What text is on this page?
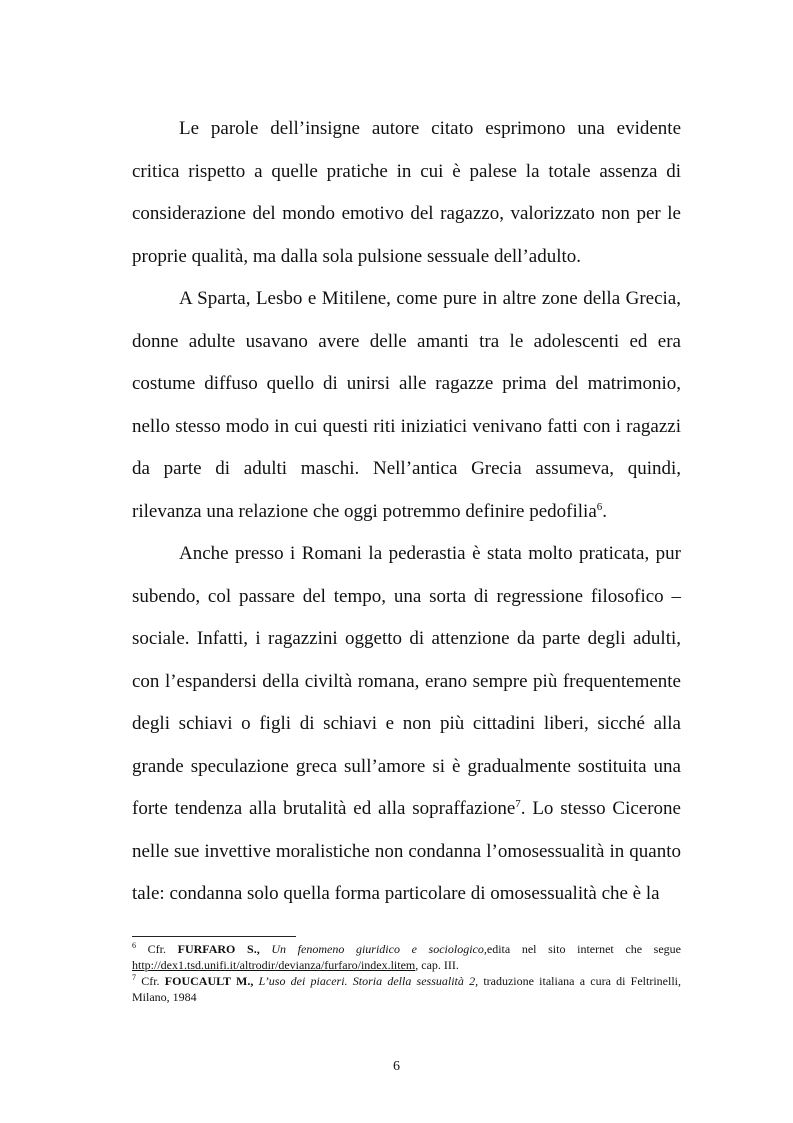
Le parole dell’insigne autore citato esprimono una evidente critica rispetto a quelle pratiche in cui è palese la totale assenza di considerazione del mondo emotivo del ragazzo, valorizzato non per le proprie qualità, ma dalla sola pulsione sessuale dell’adulto.

A Sparta, Lesbo e Mitilene, come pure in altre zone della Grecia, donne adulte usavano avere delle amanti tra le adolescenti ed era costume diffuso quello di unirsi alle ragazze prima del matrimonio, nello stesso modo in cui questi riti iniziatici venivano fatti con i ragazzi da parte di adulti maschi. Nell’antica Grecia assumeva, quindi, rilevanza una relazione che oggi potremmo definire pedofilia$^6$.

Anche presso i Romani la pederastia è stata molto praticata, pur subendo, col passare del tempo, una sorta di regressione filosofico – sociale. Infatti, i ragazzini oggetto di attenzione da parte degli adulti, con l’espandersi della civiltà romana, erano sempre più frequentemente degli schiavi o figli di schiavi e non più cittadini liberi, sicché alla grande speculazione greca sull’amore si è gradualmente sostituita una forte tendenza alla brutalità ed alla sopraffazione$^7$. Lo stesso Cicerone nelle sue invettive moralistiche non condanna l’omosessualità in quanto tale: condanna solo quella forma particolare di omosessualità che è la

$^6$ Cfr. FURFARO S., Un fenomeno giuridico e sociologico,edita nel sito internet che segue http://dex1.tsd.unifi.it/altrodir/devianza/furfaro/index.litem, cap. III.

$^7$ Cfr. FOUCAULT M., L’uso dei piaceri. Storia della sessualità 2, traduzione italiana a cura di Feltrinelli, Milano, 1984

6
